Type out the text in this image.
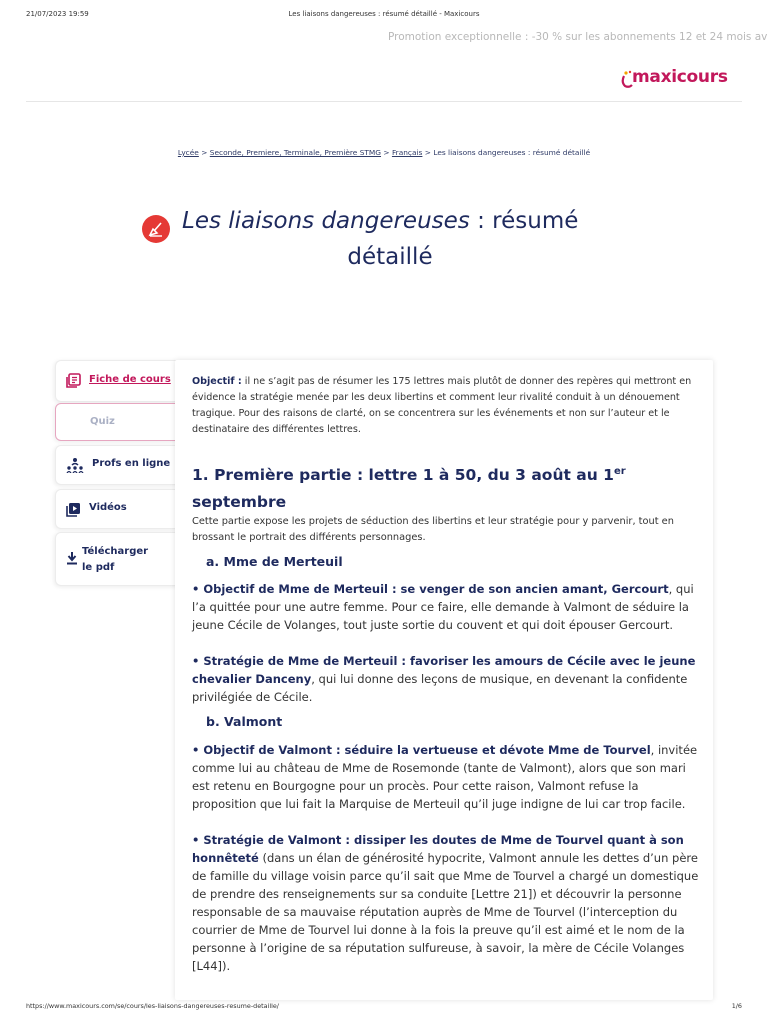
21/07/2023 19:59	Les liaisons dangereuses : résumé détaillé - Maxicours
Promotion exceptionnelle : -30 % sur les abonnements 12 et 24 mois av
maxicours
Lycée > Seconde, Premiere, Terminale, Première STMG > Français > Les liaisons dangereuses : résumé détaillé
Les liaisons dangereuses : résumé
détaillé
Fiche de cours
Quiz
Profs en ligne
Vidéos
Télécharger
le pdf
Objectif : il ne s’agit pas de résumer les 175 lettres mais plutôt de donner des repères qui mettront en évidence la stratégie menée par les deux libertins et comment leur rivalité conduit à un dénouement tragique. Pour des raisons de clarté, on se concentrera sur les événements et non sur l’auteur et le destinataire des différentes lettres.
1. Première partie : lettre 1 à 50, du 3 août au 1er septembre
Cette partie expose les projets de séduction des libertins et leur stratégie pour y parvenir, tout en brossant le portrait des différents personnages.
a. Mme de Merteuil
• Objectif de Mme de Merteuil : se venger de son ancien amant, Gercourt, qui l’a quittée pour une autre femme. Pour ce faire, elle demande à Valmont de séduire la jeune Cécile de Volanges, tout juste sortie du couvent et qui doit épouser Gercourt.
• Stratégie de Mme de Merteuil : favoriser les amours de Cécile avec le jeune chevalier Danceny, qui lui donne des leçons de musique, en devenant la confidente privilégiée de Cécile.
b. Valmont
• Objectif de Valmont : séduire la vertueuse et dévote Mme de Tourvel, invitée comme lui au château de Mme de Rosemonde (tante de Valmont), alors que son mari est retenu en Bourgogne pour un procès. Pour cette raison, Valmont refuse la proposition que lui fait la Marquise de Merteuil qu’il juge indigne de lui car trop facile.
• Stratégie de Valmont : dissiper les doutes de Mme de Tourvel quant à son honnêteté (dans un élan de générosité hypocrite, Valmont annule les dettes d’un père de famille du village voisin parce qu’il sait que Mme de Tourvel a chargé un domestique de prendre des renseignements sur sa conduite [Lettre 21]) et découvrir la personne responsable de sa mauvaise réputation auprès de Mme de Tourvel (l’interception du courrier de Mme de Tourvel lui donne à la fois la preuve qu’il est aimé et le nom de la personne à l’origine de sa réputation sulfureuse, à savoir, la mère de Cécile Volanges [L44]).
https://www.maxicours.com/se/cours/les-liaisons-dangereuses-resume-detaille/	1/6
